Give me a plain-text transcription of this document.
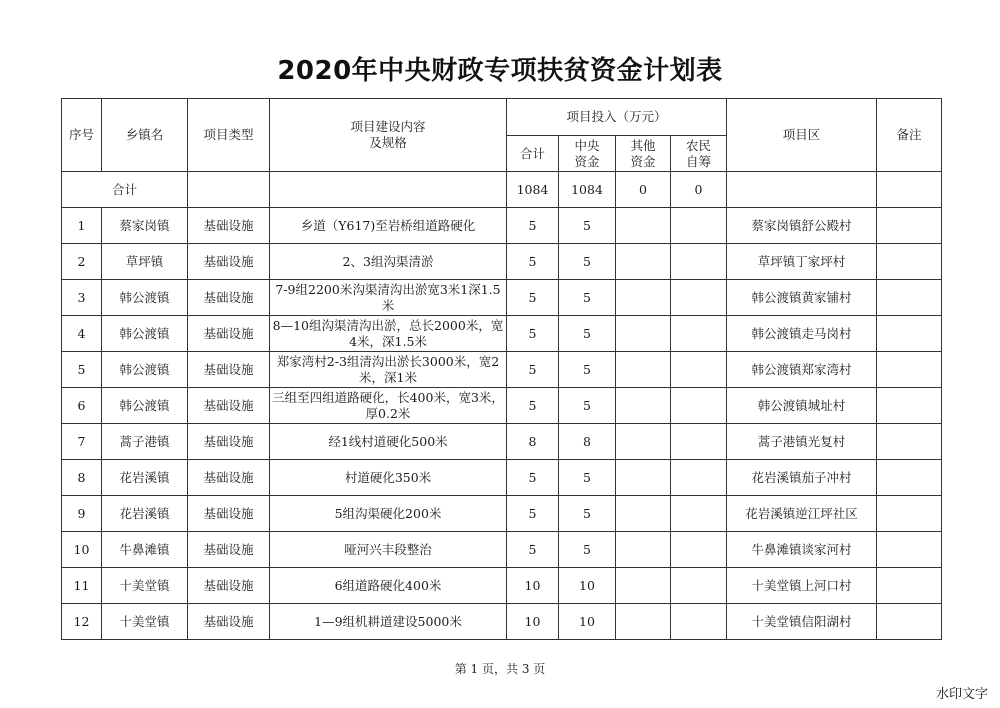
2020年中央财政专项扶贫资金计划表
序号	乡镇名	项目类型	项目建设内容及规格	项目投入（万元）				项目区	备注
				合计	中央资金	其他资金	农民自筹		
合计				1084	1084	0	0		
1	蔡家岗镇	基础设施	乡道（Y617)至岩桥组道路硬化	5	5			蔡家岗镇舒公殿村	
2	草坪镇	基础设施	2、3组沟渠清淤	5	5			草坪镇丁家坪村	
3	韩公渡镇	基础设施	7-9组2200米沟渠清沟出淤宽3米1深1.5米	5	5			韩公渡镇黄家铺村	
4	韩公渡镇	基础设施	8—10组沟渠清沟出淤，总长2000米，宽4米，深1.5米	5	5			韩公渡镇走马岗村	
5	韩公渡镇	基础设施	郑家湾村2-3组清沟出淤长3000米，宽2米，深1米	5	5			韩公渡镇郑家湾村	
6	韩公渡镇	基础设施	三组至四组道路硬化，长400米，宽3米，厚0.2米	5	5			韩公渡镇城址村	
7	蒿子港镇	基础设施	经1线村道硬化500米	8	8			蒿子港镇光复村	
8	花岩溪镇	基础设施	村道硬化350米	5	5			花岩溪镇茄子冲村	
9	花岩溪镇	基础设施	5组沟渠硬化200米	5	5			花岩溪镇逆江坪社区	
10	牛鼻滩镇	基础设施	哑河兴丰段整治	5	5			牛鼻滩镇谈家河村	
11	十美堂镇	基础设施	6组道路硬化400米	10	10			十美堂镇上河口村	
12	十美堂镇	基础设施	1—9组机耕道建设5000米	10	10			十美堂镇信阳湖村	
第 1 页，共 3 页
水印文字
